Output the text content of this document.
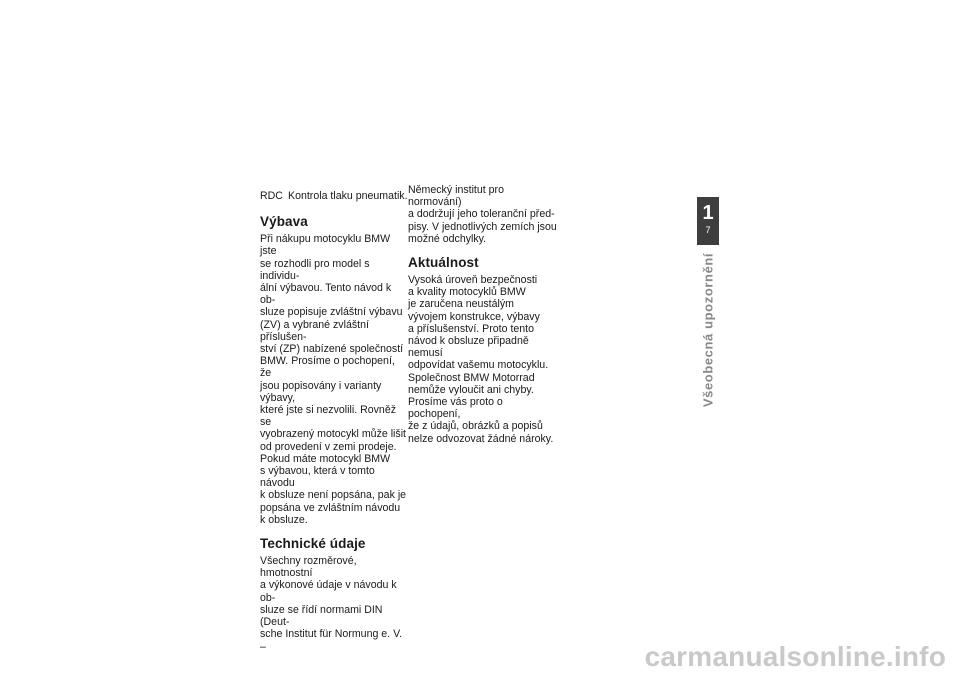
RDC Kontrola tlaku pneumatik.
Výbava
Při nákupu motocyklu BMW jste
se rozhodli pro model s individu-
ální výbavou. Tento návod k ob-
sluze popisuje zvláštní výbavu
(ZV) a vybrané zvláštní příslušen-
ství (ZP) nabízené společností
BMW. Prosíme o pochopení, že
jsou popisovány i varianty výbavy,
které jste si nezvolili. Rovněž se
vyobrazený motocykl může lišit
od provedení v zemi prodeje.
Pokud máte motocykl BMW
s výbavou, která v tomto návodu
k obsluze není popsána, pak je
popsána ve zvláštním návodu
k obsluze.
Technické údaje
Všechny rozměrové, hmotnostní
a výkonové údaje v návodu k ob-
sluze se řídí normami DIN (Deut-
sche Institut für Normung e. V. –
Německý institut pro normování)
a dodržují jeho toleranční před-
pisy. V jednotlivých zemích jsou
možné odchylky.
Aktuálnost
Vysoká úroveň bezpečnosti
a kvality motocyklů BMW
je zaručena neustálým
vývojem konstrukce, výbavy
a příslušenství. Proto tento
návod k obsluze připadně nemusí
odpovídat vašemu motocyklu.
Společnost BMW Motorrad
nemůže vyloučit ani chyby.
Prosíme vás proto o pochopení,
že z údajů, obrázků a popisů
nelze odvozovat žádné nároky.
1
7
Všeobecná upozornění
carmanualsonline.info
